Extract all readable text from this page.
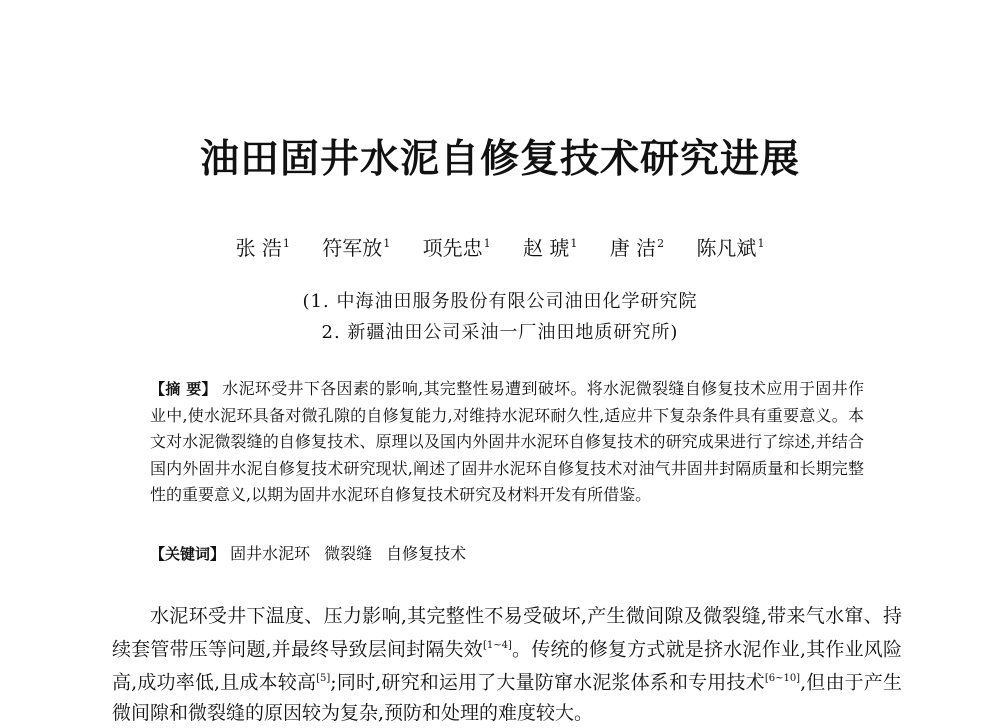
油田固井水泥自修复技术研究进展
张 浩$^1$ 符军放$^1$ 项先忠$^1$ 赵 琥$^1$ 唐 洁$^2$ 陈凡斌$^1$
(1. 中海油田服务股份有限公司油田化学研究院
2. 新疆油田公司采油一厂油田地质研究所)

【摘 要】 水泥环受井下各因素的影响,其完整性易遭到破坏。将水泥微裂缝自修复技术应用于固井作业中,使水泥环具备对微孔隙的自修复能力,对维持水泥环耐久性,适应井下复杂条件具有重要意义。本文对水泥微裂缝的自修复技术、原理以及国内外固井水泥环自修复技术的研究成果进行了综述,并结合国内外固井水泥自修复技术研究现状,阐述了固井水泥环自修复技术对油气井固井封隔质量和长期完整性的重要意义,以期为固井水泥环自修复技术研究及材料开发有所借鉴。

【关键词】 固井水泥环 微裂缝 自修复技术

水泥环受井下温度、压力影响,其完整性不易受破坏,产生微间隙及微裂缝,带来气水窜、持续套管带压等问题,并最终导致层间封隔失效[1~4]。传统的修复方式就是挤水泥作业,其作业风险高,成功率低,且成本较高[5];同时,研究和运用了大量防窜水泥浆体系和专用技术[6~10],但由于产生微间隙和微裂缝的原因较为复杂,预防和处理的难度较大。
